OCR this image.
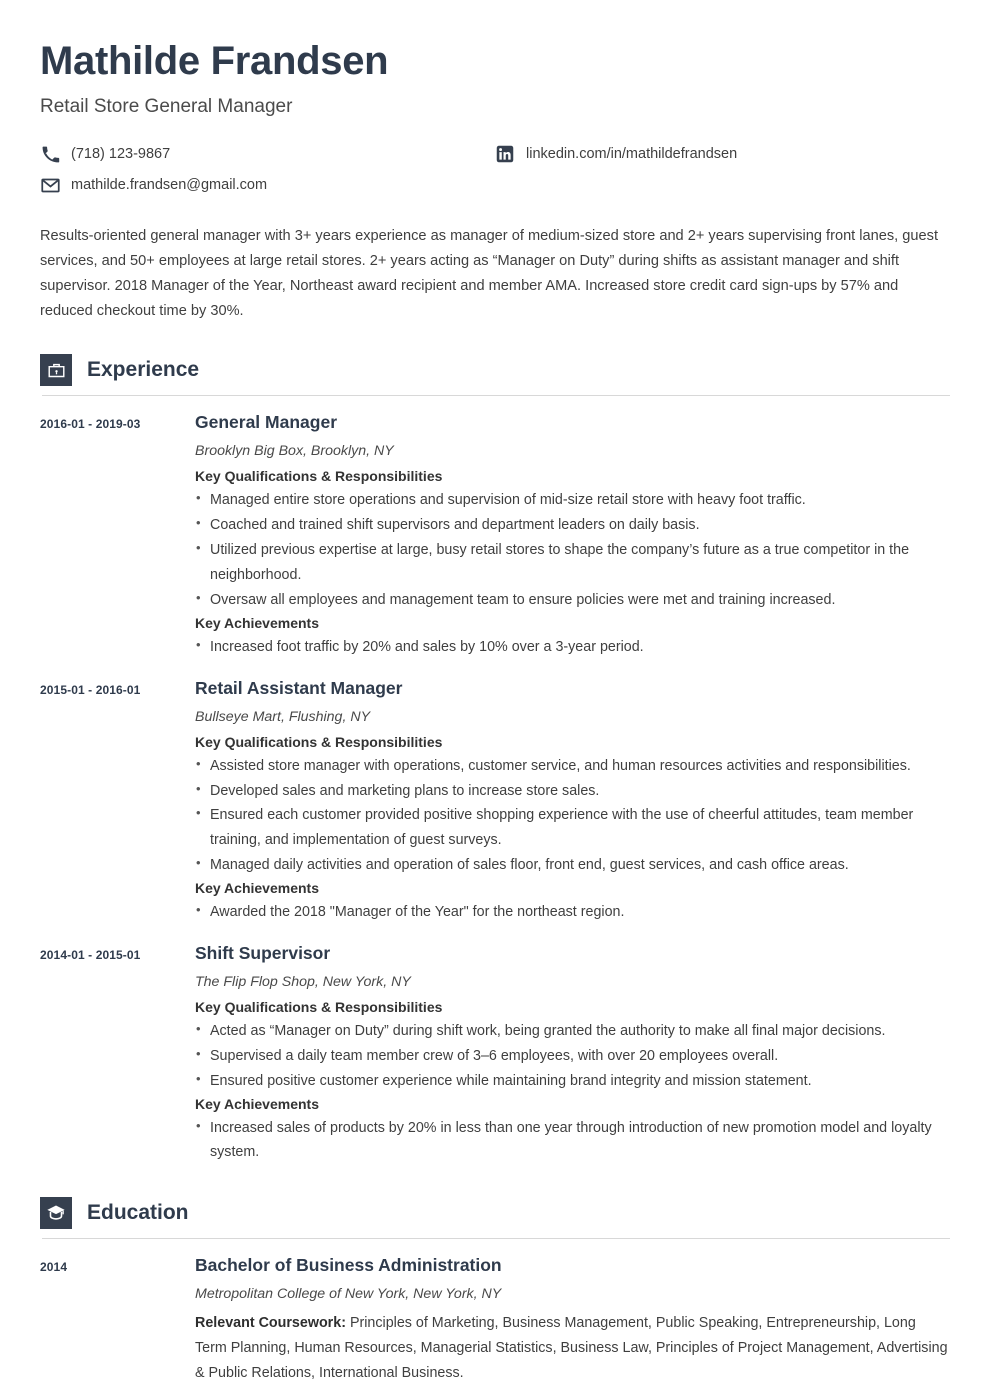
Mathilde Frandsen
Retail Store General Manager
(718) 123-9867	linkedin.com/in/mathildefrandsen
mathilde.frandsen@gmail.com
Results-oriented general manager with 3+ years experience as manager of medium-sized store and 2+ years supervising front lanes, guest services, and 50+ employees at large retail stores. 2+ years acting as “Manager on Duty” during shifts as assistant manager and shift supervisor. 2018 Manager of the Year, Northeast award recipient and member AMA. Increased store credit card sign-ups by 57% and reduced checkout time by 30%.
Experience
2016-01 - 2019-03	General Manager
Brooklyn Big Box, Brooklyn, NY
Key Qualifications & Responsibilities
• Managed entire store operations and supervision of mid-size retail store with heavy foot traffic.
• Coached and trained shift supervisors and department leaders on daily basis.
• Utilized previous expertise at large, busy retail stores to shape the company’s future as a true competitor in the neighborhood.
• Oversaw all employees and management team to ensure policies were met and training increased.
Key Achievements
• Increased foot traffic by 20% and sales by 10% over a 3-year period.
2015-01 - 2016-01	Retail Assistant Manager
Bullseye Mart, Flushing, NY
Key Qualifications & Responsibilities
• Assisted store manager with operations, customer service, and human resources activities and responsibilities.
• Developed sales and marketing plans to increase store sales.
• Ensured each customer provided positive shopping experience with the use of cheerful attitudes, team member training, and implementation of guest surveys.
• Managed daily activities and operation of sales floor, front end, guest services, and cash office areas.
Key Achievements
• Awarded the 2018 "Manager of the Year" for the northeast region.
2014-01 - 2015-01	Shift Supervisor
The Flip Flop Shop, New York, NY
Key Qualifications & Responsibilities
• Acted as “Manager on Duty” during shift work, being granted the authority to make all final major decisions.
• Supervised a daily team member crew of 3–6 employees, with over 20 employees overall.
• Ensured positive customer experience while maintaining brand integrity and mission statement.
Key Achievements
• Increased sales of products by 20% in less than one year through introduction of new promotion model and loyalty system.
Education
2014	Bachelor of Business Administration
Metropolitan College of New York, New York, NY
Relevant Coursework: Principles of Marketing, Business Management, Public Speaking, Entrepreneurship, Long Term Planning, Human Resources, Managerial Statistics, Business Law, Principles of Project Management, Advertising & Public Relations, International Business.
